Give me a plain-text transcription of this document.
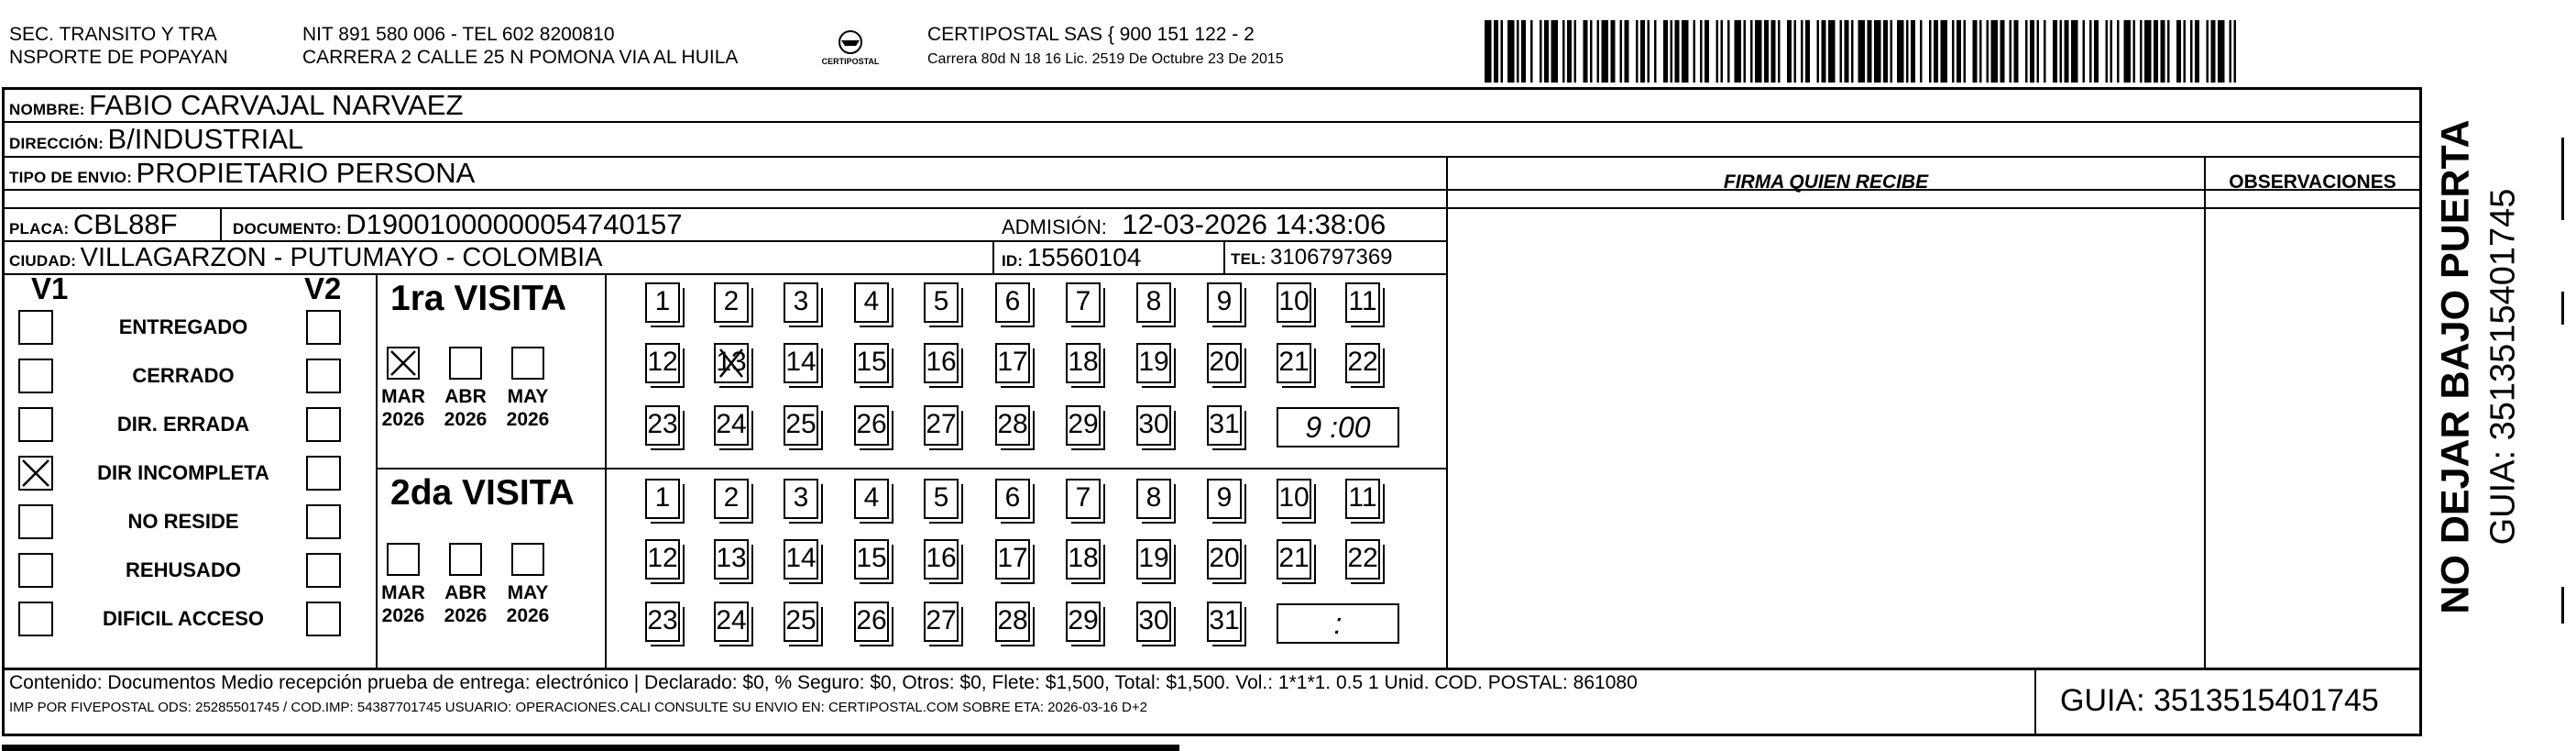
SEC. TRANSITO Y TRA
NSPORTE DE POPAYAN
NIT 891 580 006 - TEL 602 8200810
CARRERA 2 CALLE 25 N POMONA VIA AL HUILA	CERTIPOSTAL
CERTIPOSTAL SAS { 900 151 122 - 2
Carrera 80d N 18 16 Lic. 2519 De Octubre 23 De 2015
NOMBRE: FABIO CARVAJAL NARVAEZ
DIRECCIÓN: B/INDUSTRIAL
TIPO DE ENVIO: PROPIETARIO PERSONA	FIRMA QUIEN RECIBE	OBSERVACIONES
PLACA: CBL88F	DOCUMENTO: D19001000000054740157	ADMISIÓN: 12-03-2026 14:38:06
CIUDAD: VILLAGARZON - PUTUMAYO - COLOMBIA	ID: 15560104	TEL: 3106797369
V1	V2
ENTREGADO
CERRADO
DIR. ERRADA
DIR INCOMPLETA
NO RESIDE
REHUSADO
DIFICIL ACCESO
1ra VISITA
2da VISITA
MAR
2026
ABR
2026
MAY
2026
1	2	3	4	5	6	7	8	9	10 11
12 13 14 15 16 17 18 19 20 21 22
23 24 25 26 27 28 29 30 31	9 :00
MAR
2026
ABR
2026
MAY
2026
1	2	3	4	5	6	7	8	9	10 11
12 13 14 15 16 17 18 19 20 21 22
23 24 25 26 27 28 29 30 31	:
Contenido: Documentos Medio recepción prueba de entrega: electrónico | Declarado: $0, % Seguro: $0, Otros: $0, Flete: $1,500, Total: $1,500. Vol.: 1*1*1. 0.5 1 Unid. COD. POSTAL: 861080
IMP POR FIVEPOSTAL ODS: 25285501745 / COD.IMP: 54387701745 USUARIO: OPERACIONES.CALI CONSULTE SU ENVIO EN: CERTIPOSTAL.COM SOBRE ETA: 2026-03-16 D+2	GUIA: 3513515401745
NO DEJAR BAJO PUERTA GUIA: 3513515401745
